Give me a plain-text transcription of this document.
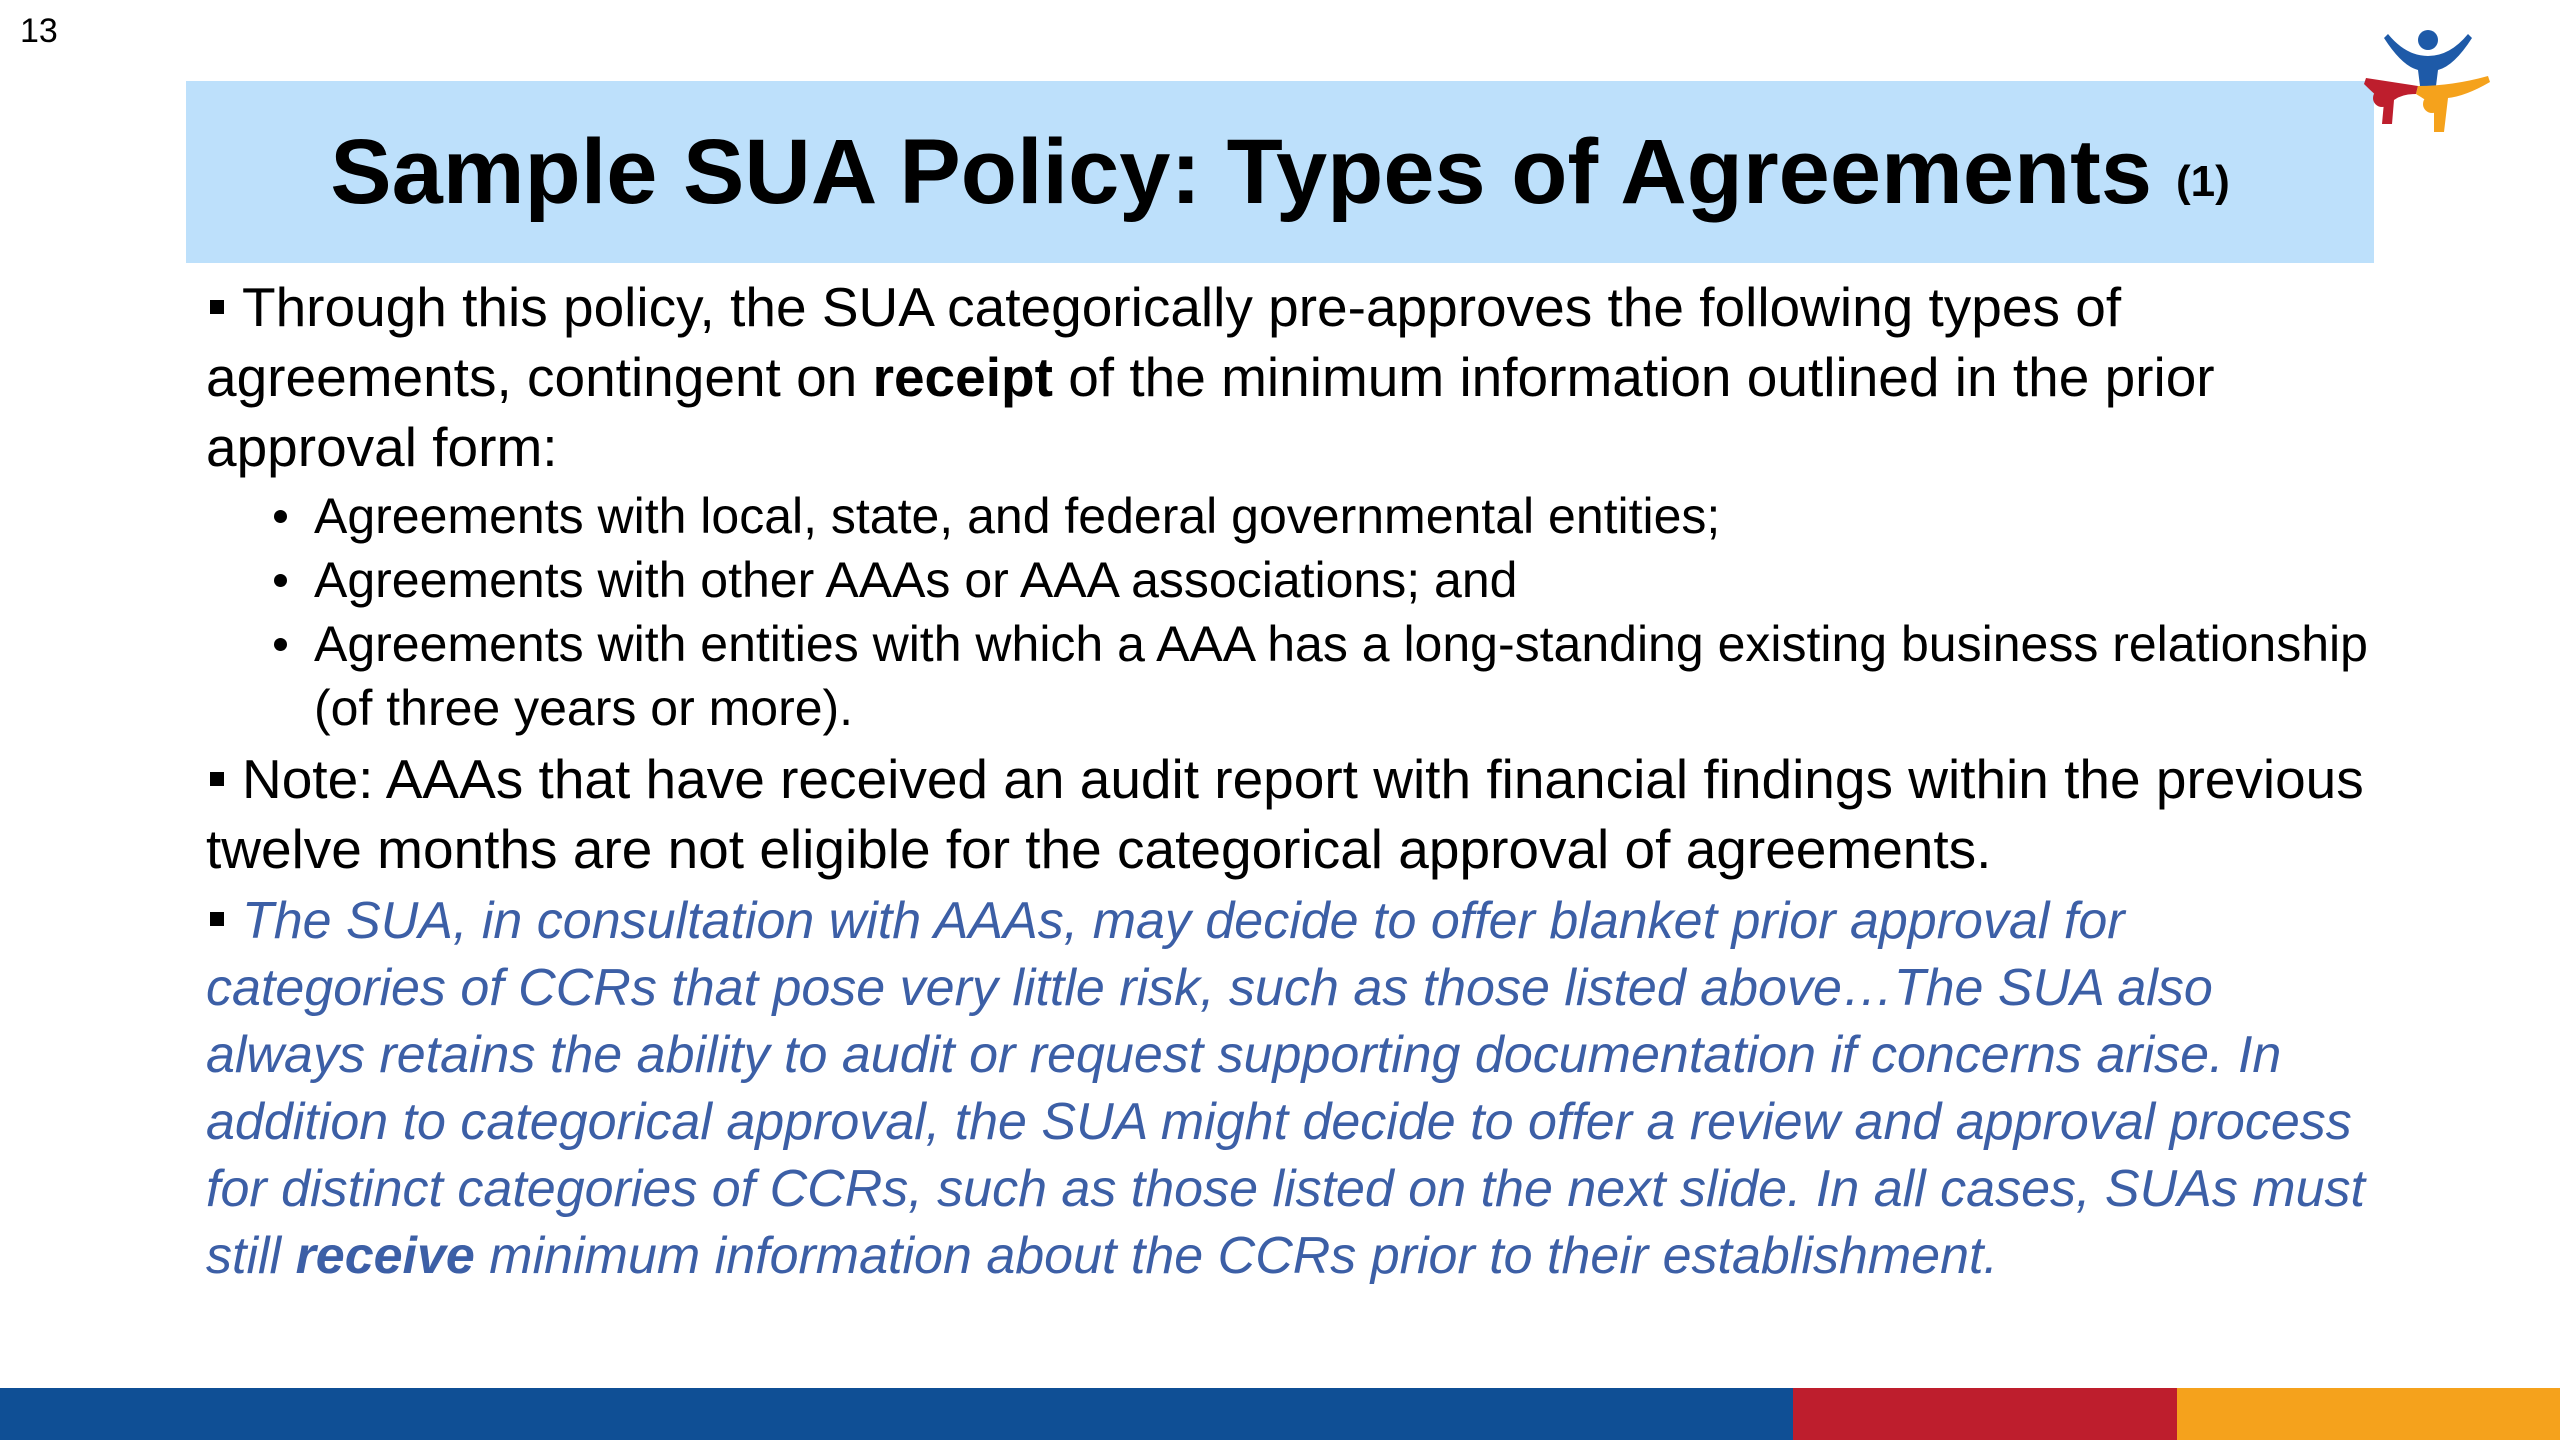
13
Sample SUA Policy: Types of Agreements (1)

Through this policy, the SUA categorically pre-approves the following types of agreements, contingent on receipt of the minimum information outlined in the prior approval form:

Agreements with local, state, and federal governmental entities;
Agreements with other AAAs or AAA associations; and
Agreements with entities with which a AAA has a long-standing existing business relationship (of three years or more).

Note: AAAs that have received an audit report with financial findings within the previous twelve months are not eligible for the categorical approval of agreements.

The SUA, in consultation with AAAs, may decide to offer blanket prior approval for categories of CCRs that pose very little risk, such as those listed above…The SUA also always retains the ability to audit or request supporting documentation if concerns arise. In addition to categorical approval, the SUA might decide to offer a review and approval process for distinct categories of CCRs, such as those listed on the next slide. In all cases, SUAs must still receive minimum information about the CCRs prior to their establishment.
